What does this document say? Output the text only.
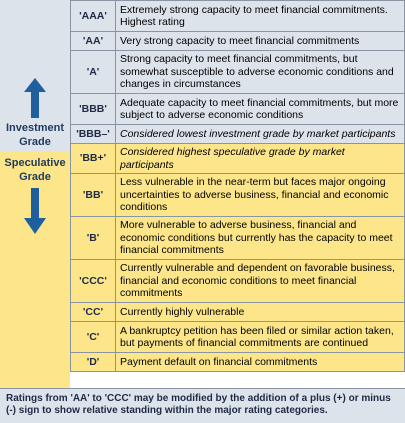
Investment
Grade
Speculative
Grade
'AAA'	Extremely strong capacity to meet financial commitments. Highest rating
'AA'	Very strong capacity to meet financial commitments
'A'	Strong capacity to meet financial commitments, but somewhat susceptible to adverse economic conditions and changes in circumstances
'BBB'	Adequate capacity to meet financial commitments, but more subject to adverse economic conditions
'BBB–'	Considered lowest investment grade by market participants
'BB+'	Considered highest speculative grade by market participants
'BB'	Less vulnerable in the near-term but faces major ongoing uncertainties to adverse business, financial and economic conditions
'B'	More vulnerable to adverse business, financial and economic conditions but currently has the capacity to meet financial commitments
'CCC'	Currently vulnerable and dependent on favorable business, financial and economic conditions to meet financial commitments
'CC'	Currently highly vulnerable
'C'	A bankruptcy petition has been filed or similar action taken, but payments of financial commitments are continued
'D'	Payment default on financial commitments
Ratings from 'AA' to 'CCC' may be modified by the addition of a plus (+) or minus (-) sign to show relative standing within the major rating categories.
